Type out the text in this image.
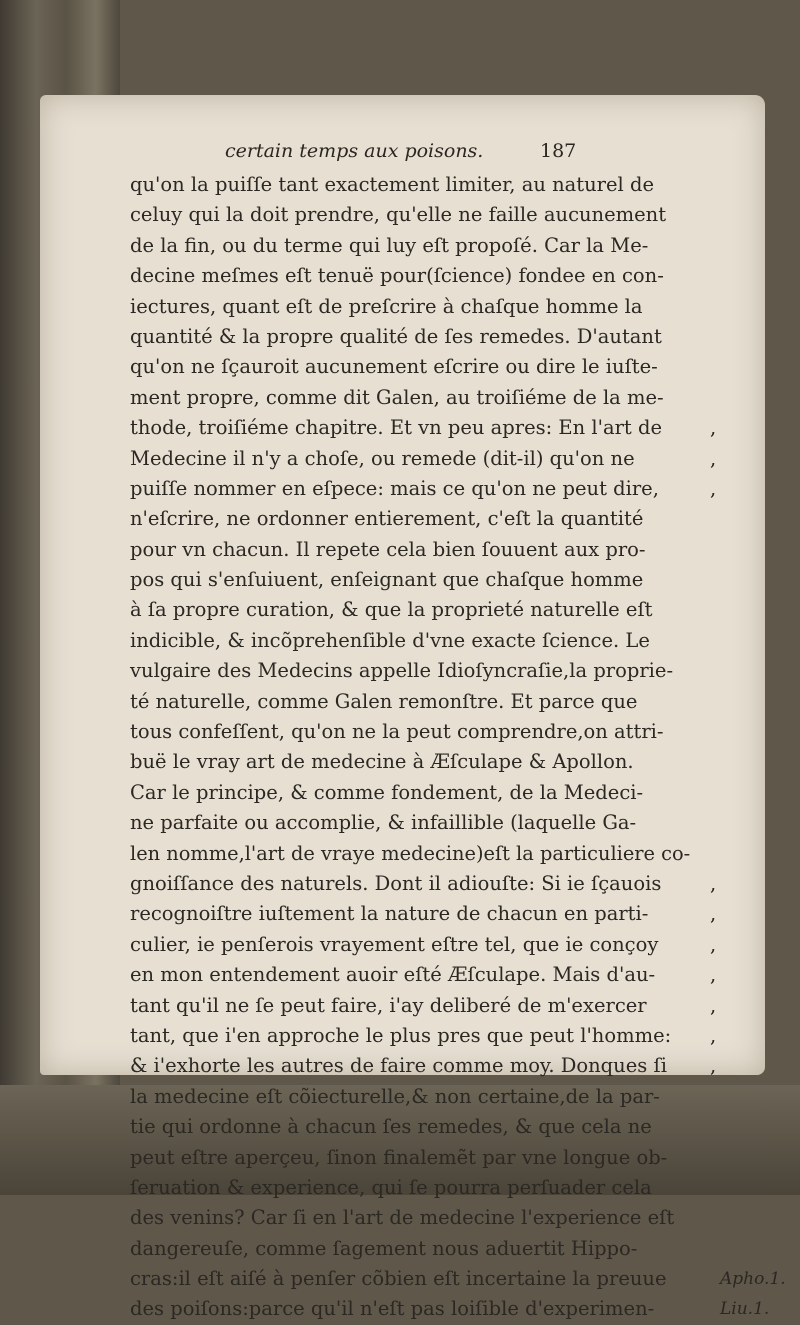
certain temps aux poisons.	187
qu'on la puiſſe tant exactement limiter, au naturel de
celuy qui la doit prendre, qu'elle ne faille aucunement
de la fin, ou du terme qui luy eſt propoſé. Car la Me-
decine meſmes eſt tenuë pour(ſcience) fondee en con-
iectures, quant eſt de preſcrire à chaſque homme la
quantité & la propre qualité de ſes remedes. D'autant
qu'on ne ſçauroit aucunement eſcrire ou dire le iuſte-
ment propre, comme dit Galen, au troiſiéme de la me-
thode, troiſiéme chapitre. Et vn peu apres: En l'art de ,
Medecine il n'y a choſe, ou remede (dit-il) qu'on ne	,
puiſſe nommer en eſpece: mais ce qu'on ne peut dire,	,
n'eſcrire, ne ordonner entierement, c'eſt la quantité
pour vn chacun. Il repete cela bien ſouuent aux pro-
pos qui s'enſuiuent, enſeignant que chaſque homme
à ſa propre curation, & que la proprieté naturelle eſt
indicible, & incõprehenſible d'vne exacte ſcience. Le
vulgaire des Medecins appelle Idioſyncraſie,la proprie-
té naturelle, comme Galen remonſtre. Et parce que
tous confeſſent, qu'on ne la peut comprendre,on attri-
buë le vray art de medecine à Æſculape & Apollon.
Car le principe, & comme fondement, de la Medeci-
ne parfaite ou accomplie, & infaillible (laquelle Ga-
len nomme,l'art de vraye medecine)eſt la particuliere co-
gnoiſſance des naturels. Dont il adiouſte: Si ie ſçauois ,
recognoiſtre iuſtement la nature de chacun en parti-	,
culier, ie penſerois vrayement eſtre tel, que ie conçoy	,
en mon entendement auoir eſté Æſculape. Mais d'au-	,
tant qu'il ne ſe peut faire, i'ay deliberé de m'exercer	,
tant, que i'en approche le plus pres que peut l'homme: ,
& i'exhorte les autres de faire comme moy. Donques ſi ,
la medecine eſt cõiecturelle,& non certaine,de la par-
tie qui ordonne à chacun ſes remedes, & que cela ne
peut eſtre aperçeu, ſinon finalemẽt par vne longue ob-
ſeruation & experience, qui ſe pourra perſuader cela
des venins? Car ſi en l'art de medecine l'experience eſt
dangereuſe, comme ſagement nous aduertit Hippo-
cras:il eſt aiſé à penſer cõbien eſt incertaine la preuue	Apho.1.
des poiſons:parce qu'il n'eſt pas loiſible d'experimen-	Liu.1.
